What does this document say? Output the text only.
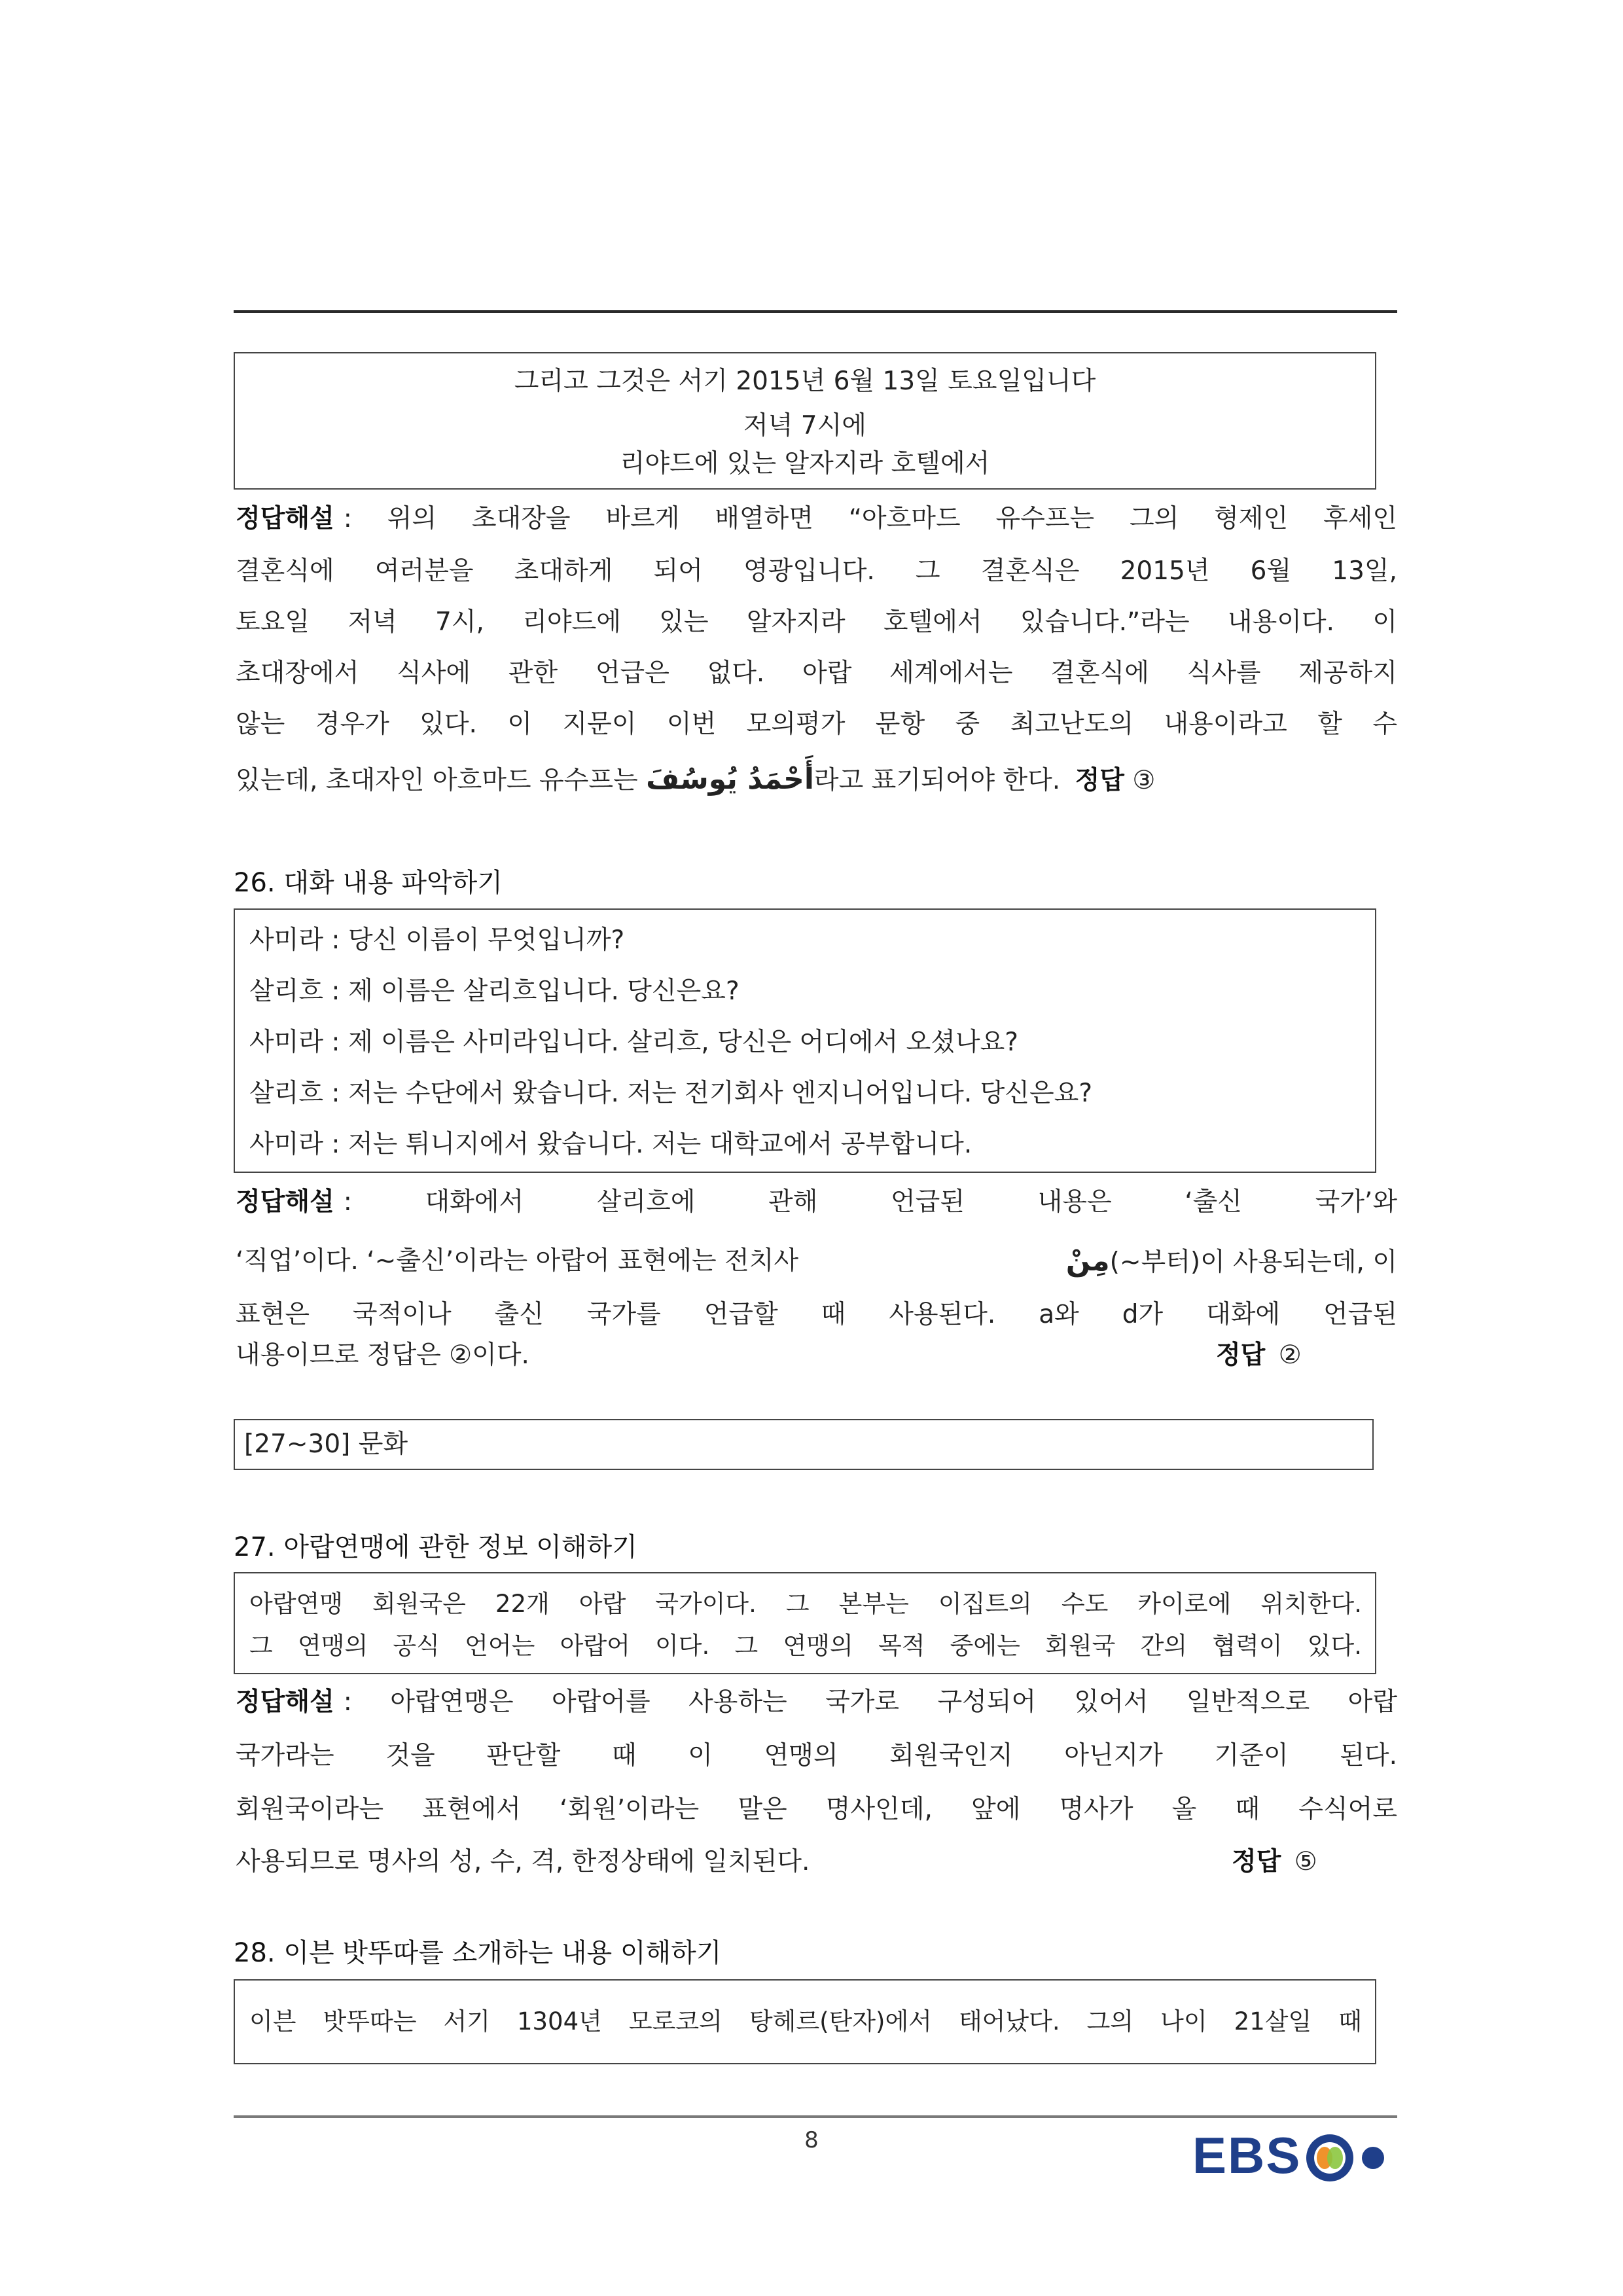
그리고 그것은 서기 2015년 6월 13일 토요일입니다
저녁 7시에
리야드에 있는 알자지라 호텔에서
정답해설 : 위의 초대장을 바르게 배열하면 “아흐마드 유수프는 그의 형제인 후세인
결혼식에 여러분을 초대하게 되어 영광입니다. 그 결혼식은 2015년 6월 13일,
토요일 저녁 7시, 리야드에 있는 알자지라 호텔에서 있습니다.”라는 내용이다. 이
초대장에서 식사에 관한 언급은 없다. 아랍 세계에서는 결혼식에 식사를 제공하지
않는 경우가 있다. 이 지문이 이번 모의평가 문항 중 최고난도의 내용이라고 할 수
있는데, 초대자인 아흐마드 유수프는 أَحْمَدُ يُوسُفَ라고 표기되어야 한다. 정답 ③
26. 대화 내용 파악하기
사미라 : 당신 이름이 무엇입니까?
살리흐 : 제 이름은 살리흐입니다. 당신은요?
사미라 : 제 이름은 사미라입니다. 살리흐, 당신은 어디에서 오셨나요?
살리흐 : 저는 수단에서 왔습니다. 저는 전기회사 엔지니어입니다. 당신은요?
사미라 : 저는 튀니지에서 왔습니다. 저는 대학교에서 공부합니다.
정답해설 :   대화에서   살리흐에   관해   언급된   내용은   ‘출신   국가’와
‘직업’이다. ‘~출신’이라는 아랍어 표현에는 전치사	مِنْ(~부터)이 사용되는데, 이
표현은 국적이나 출신 국가를 언급할 때 사용된다. a와 d가 대화에 언급된
내용이므로 정답은 ②이다.	정답 ②
[27~30] 문화
27. 아랍연맹에 관한 정보 이해하기
아랍연맹 회원국은 22개 아랍 국가이다. 그 본부는 이집트의 수도 카이로에 위치한다.
그 연맹의 공식 언어는 아랍어 이다. 그 연맹의 목적 중에는 회원국 간의 협력이 있다.
정답해설 : 아랍연맹은 아랍어를 사용하는 국가로 구성되어 있어서 일반적으로 아랍
국가라는 것을 판단할 때 이 연맹의 회원국인지 아닌지가 기준이 된다.
회원국이라는 표현에서 ‘회원’이라는 말은 명사인데, 앞에 명사가 올 때 수식어로
사용되므로 명사의 성, 수, 격, 한정상태에 일치된다.	정답 ⑤
28. 이븐 밧뚜따를 소개하는 내용 이해하기
이븐 밧뚜따는 서기 1304년 모로코의 탕헤르(탄자)에서 태어났다. 그의 나이 21살일 때
8	EBS
